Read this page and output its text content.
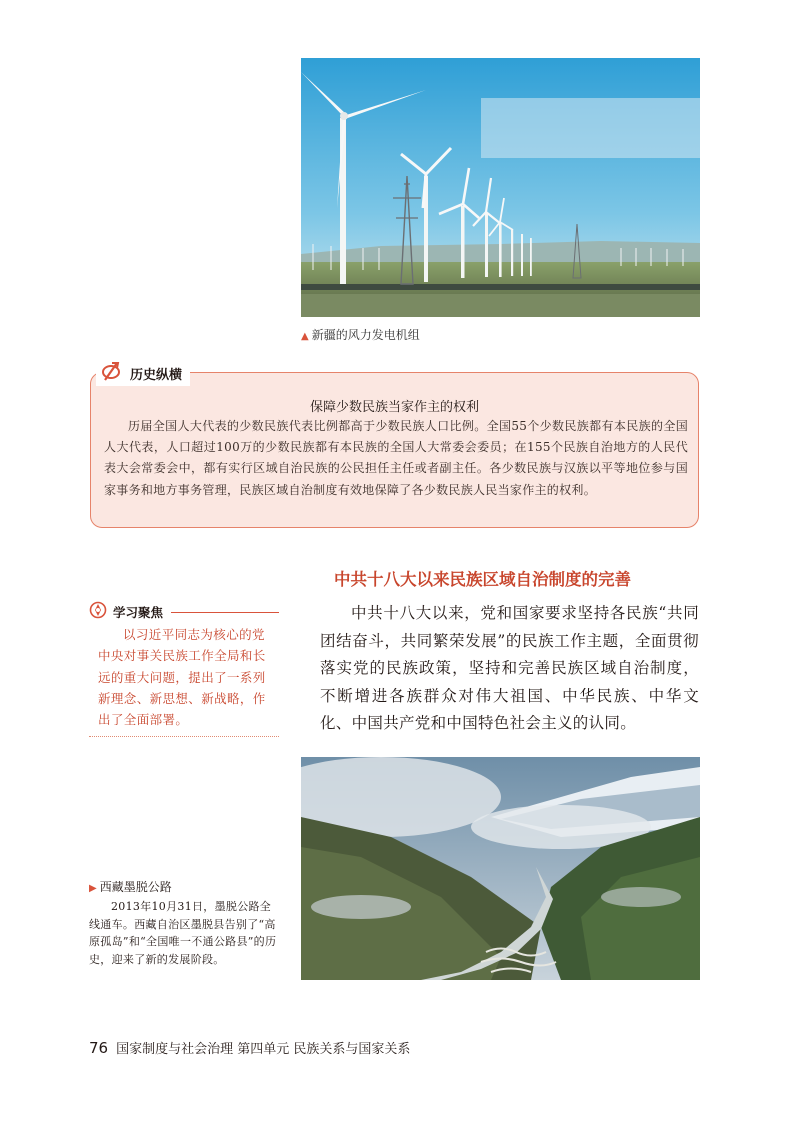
▲ 新疆的风力发电机组
历史纵横
保障少数民族当家作主的权利
历届全国人大代表的少数民族代表比例都高于少数民族人口比例。全国55个少数民族都有本民族的全国人大代表，人口超过100万的少数民族都有本民族的全国人大常委会委员；在155个民族自治地方的人民代表大会常委会中，都有实行区域自治民族的公民担任主任或者副主任。各少数民族与汉族以平等地位参与国家事务和地方事务管理，民族区域自治制度有效地保障了各少数民族人民当家作主的权利。
中共十八大以来民族区域自治制度的完善
学习聚焦
以习近平同志为核心的党中央对事关民族工作全局和长远的重大问题，提出了一系列新理念、新思想、新战略，作出了全面部署。
中共十八大以来，党和国家要求坚持各民族“共同团结奋斗，共同繁荣发展”的民族工作主题，全面贯彻落实党的民族政策，坚持和完善民族区域自治制度，不断增进各族群众对伟大祖国、中华民族、中华文化、中国共产党和中国特色社会主义的认同。
▶ 西藏墨脱公路
2013年10月31日，墨脱公路全线通车。西藏自治区墨脱县告别了“高原孤岛”和“全国唯一不通公路县”的历史，迎来了新的发展阶段。
76 国家制度与社会治理 第四单元 民族关系与国家关系
